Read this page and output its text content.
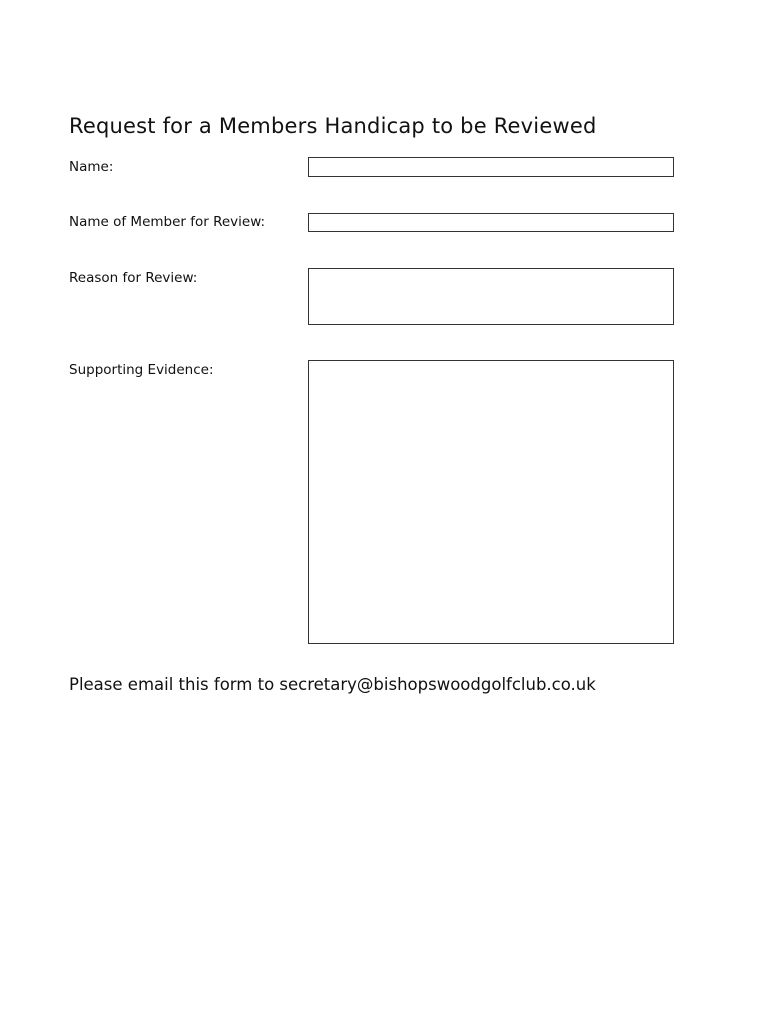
Request for a Members Handicap to be Reviewed
Name:
Name of Member for Review:
Reason for Review:
Supporting Evidence:

Please email this form to secretary@bishopswoodgolfclub.co.uk
